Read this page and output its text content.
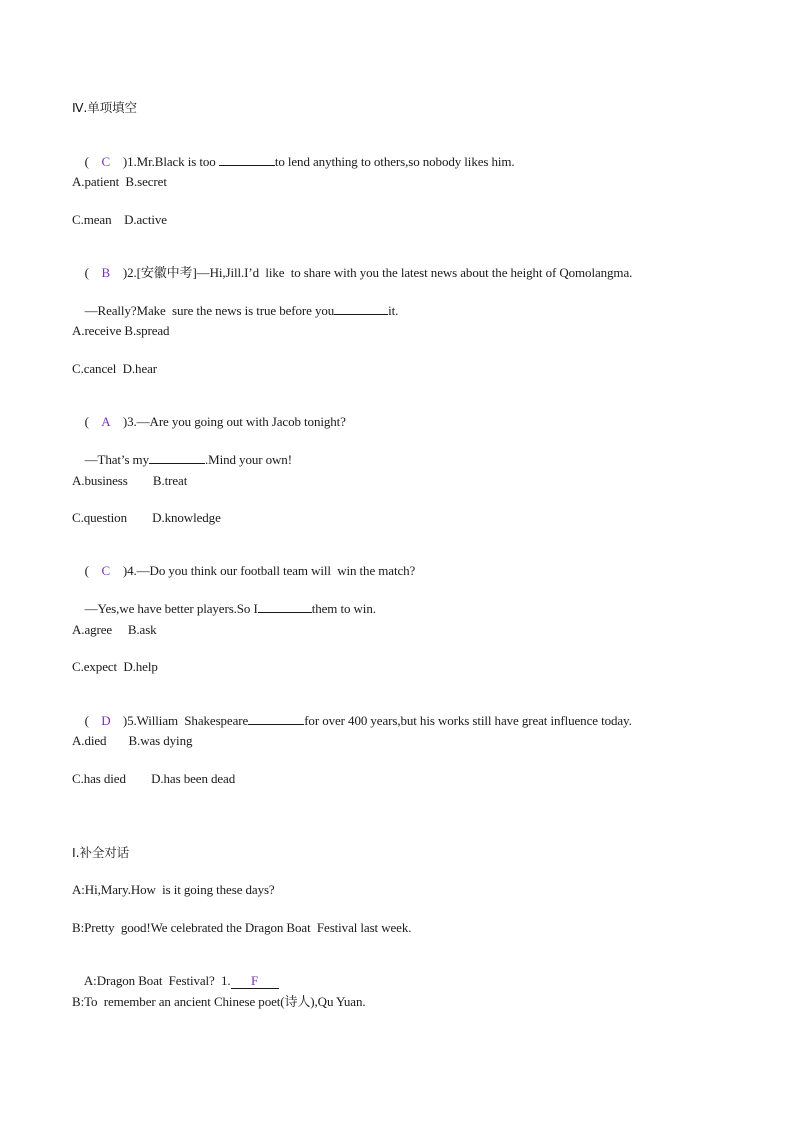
Ⅳ.单项填空

( C )1.Mr.Black is too	to lend anything to others,so nobody likes him.

A.patient  B.secret
C.mean    D.active

( B )2.[安徽中考]—Hi,Jill.I’d  like  to share with you the latest news about the height of Qomolangma.

—Really?Make  sure the news is true before you	it.

A.receive B.spread
C.cancel  D.hear

( A )3.—Are you going out with Jacob tonight?

—That’s my	.Mind your own!

A.business        B.treat
C.question        D.knowledge

( C )4.—Do you think our football team will  win the match?

—Yes,we have better players.So I	them to win.

A.agree     B.ask
C.expect  D.help

( D )5.William  Shakespeare	for over 400 years,but his works still have great influence today.

A.died       B.was dying
C.has died        D.has been dead
Ⅰ.补全对话
A:Hi,Mary.How  is it going these days?
B:Pretty  good!We celebrated the Dragon Boat  Festival last week.

A:Dragon Boat  Festival?  1. F

B:To  remember an ancient Chinese poet(诗人),Qu Yuan.
